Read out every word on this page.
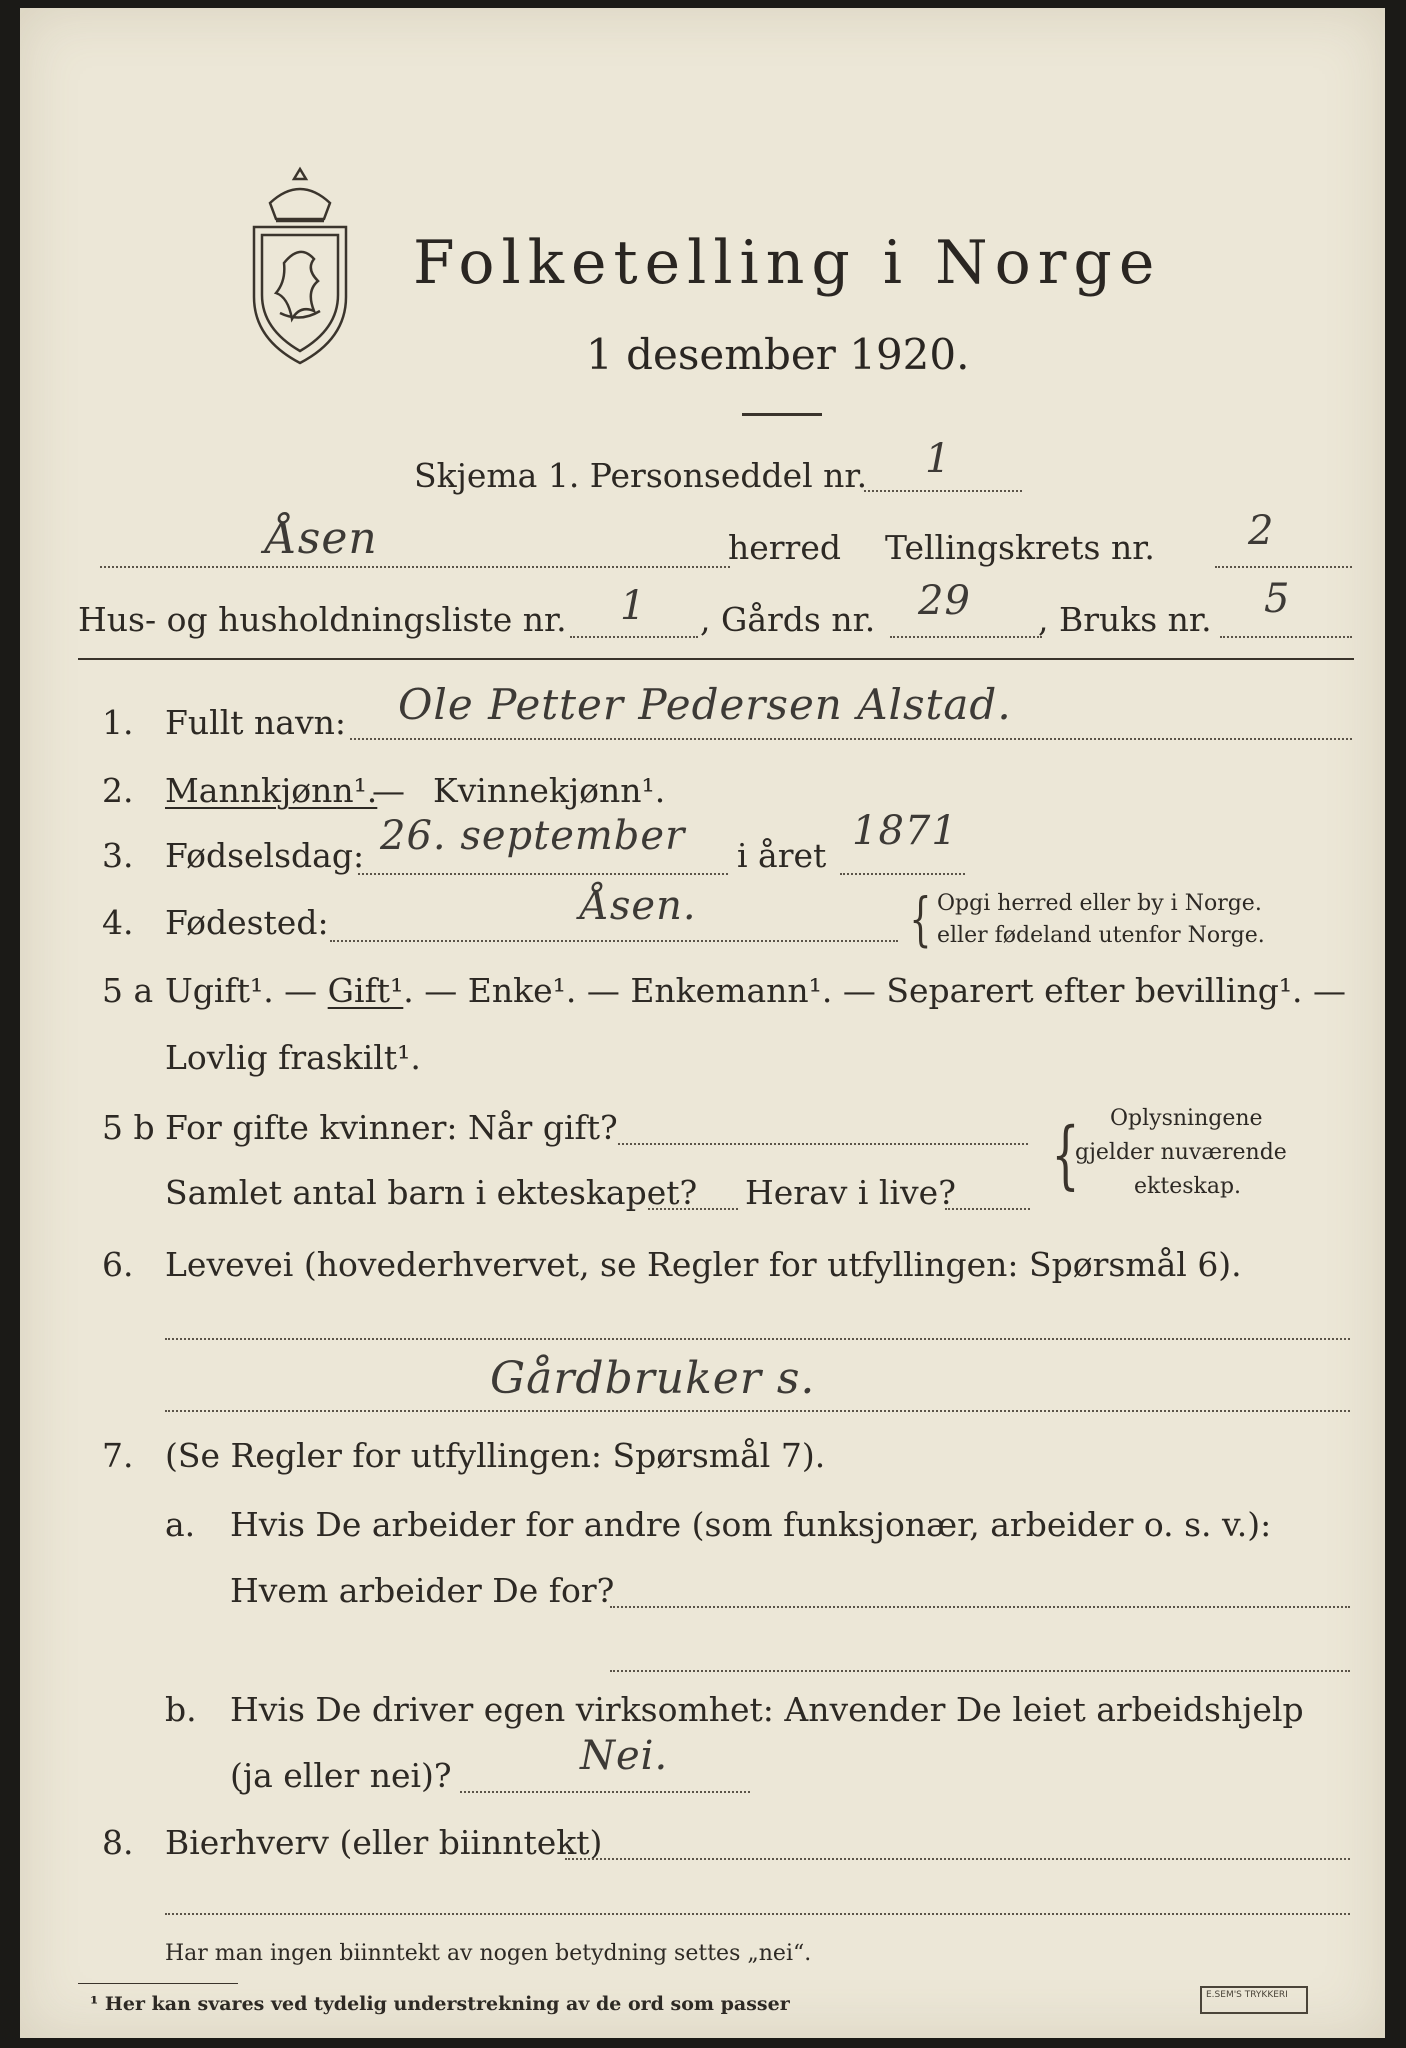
Folketelling i Norge
1 desember 1920.
Skjema 1. Personseddel nr. 1
Åsen	herred Tellingskrets nr. 2
Hus- og husholdningsliste nr. 1 , Gårds nr. 29 , Bruks nr. 5
1. Fullt navn: Ole Petter Pedersen Alstad.
2. Mannkjønn¹.
— Kvinnekjønn¹.
3. Fødselsdag: 26. september i året
1871
4. Fødested:	Åsen.	{ Opgi herred eller by i Norge.
eller fødeland utenfor Norge.
5 a Ugift¹. — Gift¹. — Enke¹. — Enkemann¹. — Separert efter bevilling¹. —
Lovlig fraskilt¹.
5 b For gifte kvinner: Når gift?
Samlet antal barn i ekteskapet? Herav i live? { Oplysningene
gjelder nuværende
ekteskap.
6. Levevei (hovederhvervet, se Regler for utfyllingen: Spørsmål 6).
Gårdbruker s.
7. (Se Regler for utfyllingen: Spørsmål 7).
a. Hvis De arbeider for andre (som funksjonær, arbeider o. s. v.):
Hvem arbeider De for?
b. Hvis De driver egen virksomhet: Anvender De leiet arbeidshjelp
(ja eller nei)?	Nei.
8. Bierhverv (eller biinntekt)
Har man ingen biinntekt av nogen betydning settes „nei“.
¹ Her kan svares ved tydelig understrekning av de ord som passer	E.SEM'S TRYKKERI
